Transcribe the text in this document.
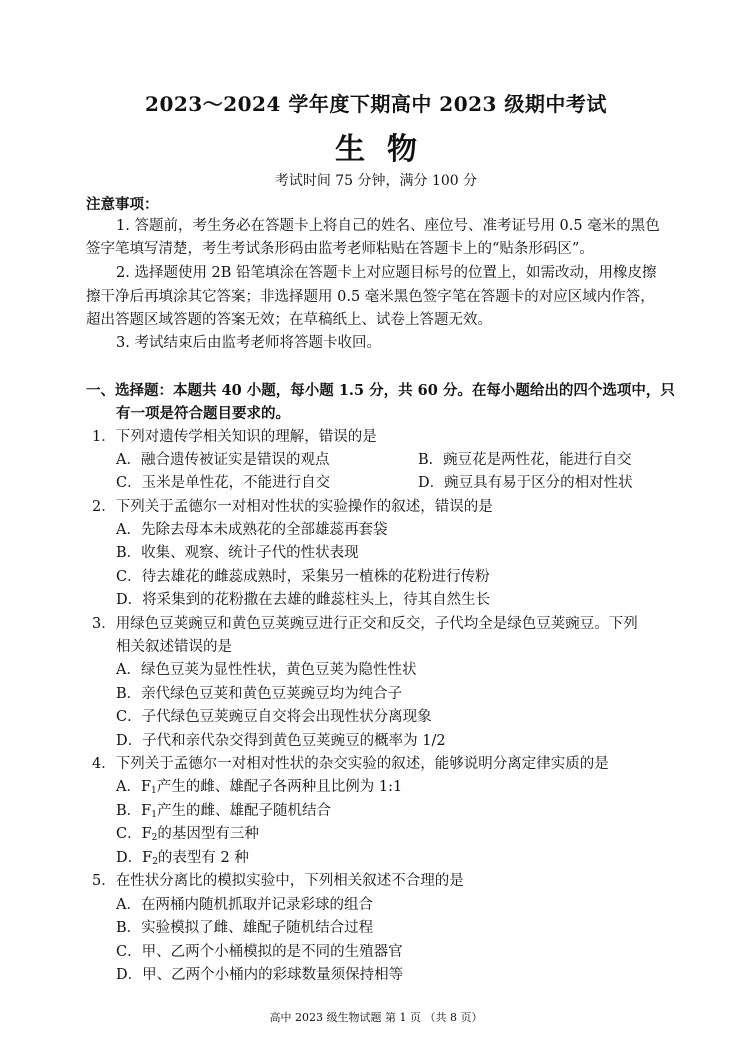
2023～2024 学年度下期高中 2023 级期中考试
生物
考试时间 75 分钟，满分 100 分
注意事项：
1. 答题前，考生务必在答题卡上将自己的姓名、座位号、准考证号用 0.5 毫米的黑色
签字笔填写清楚，考生考试条形码由监考老师粘贴在答题卡上的“贴条形码区”。
2. 选择题使用 2B 铅笔填涂在答题卡上对应题目标号的位置上，如需改动，用橡皮擦
擦干净后再填涂其它答案；非选择题用 0.5 毫米黑色签字笔在答题卡的对应区域内作答，
超出答题区域答题的答案无效；在草稿纸上、试卷上答题无效。
3. 考试结束后由监考老师将答题卡收回。
一、选择题：本题共 40 小题，每小题 1.5 分，共 60 分。在每小题给出的四个选项中，只
有一项是符合题目要求的。
1．下列对遗传学相关知识的理解，错误的是
A．融合遗传被证实是错误的观点	B．豌豆花是两性花，能进行自交
C．玉米是单性花，不能进行自交	D．豌豆具有易于区分的相对性状
2．下列关于孟德尔一对相对性状的实验操作的叙述，错误的是
A．先除去母本未成熟花的全部雄蕊再套袋
B．收集、观察、统计子代的性状表现
C．待去雄花的雌蕊成熟时，采集另一植株的花粉进行传粉
D．将采集到的花粉撒在去雄的雌蕊柱头上，待其自然生长
3．用绿色豆荚豌豆和黄色豆荚豌豆进行正交和反交，子代均全是绿色豆荚豌豆。下列
相关叙述错误的是
A．绿色豆荚为显性性状，黄色豆荚为隐性性状
B．亲代绿色豆荚和黄色豆荚豌豆均为纯合子
C．子代绿色豆荚豌豆自交将会出现性状分离现象
D．子代和亲代杂交得到黄色豆荚豌豆的概率为 1/2
4．下列关于孟德尔一对相对性状的杂交实验的叙述，能够说明分离定律实质的是
A．$F_1$产生的雌、雄配子各两种且比例为 1:1
B．$F_1$产生的雌、雄配子随机结合
C．$F_2$的基因型有三种
D．$F_2$的表型有 2 种
5．在性状分离比的模拟实验中，下列相关叙述不合理的是
A．在两桶内随机抓取并记录彩球的组合
B．实验模拟了雌、雄配子随机结合过程
C．甲、乙两个小桶模拟的是不同的生殖器官
D．甲、乙两个小桶内的彩球数量须保持相等
高中 2023 级生物试题 第 1 页 （共 8 页）
